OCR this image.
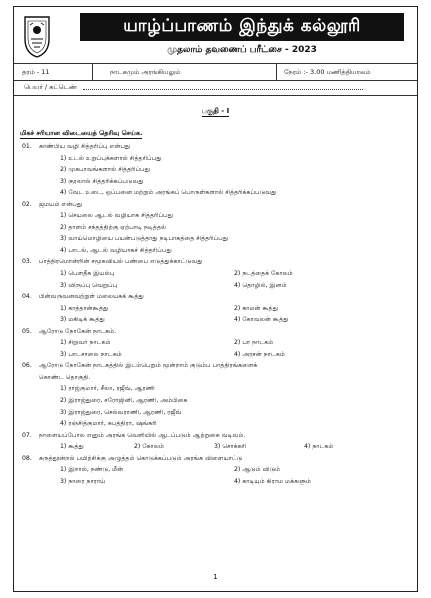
யாழ்ப்பாணம் இந்துக் கல்லூரி
முதலாம் தவணைப் பரீட்சை - 2023
தரம் - 11	நாடகமும் அரங்கியலும்	நேரம் :- 3.00 மணித்தியாலம்
பெயர் / சுட்டெண்
பகுதி - I
மிகச் சரியான விடையைத் தெரிவு செய்க.
01. காண்பிய வழி சித்தரிப்பு என்பது
1) உடல் உறுப்புக்களால் சித்தரிப்பது
2) முகபாவங்களால் சித்தரிப்பது
3) குரலால் சித்தரிக்கப்படுவது
4) வேட உடை, ஒப்பனை மற்றும் அரங்கப் பொருள்களால் சித்தரிக்கப்படுவது
02. ஜமயம் என்பது
1) செயலை ஆடல் வழியாக சித்தரிப்பது
2) தாளம் சந்தத்திற்கு ஏற்பாடி நடித்தல்
3) வாய்மொழியை பயன்படுத்தாது நடிபாகத்தை சித்தரிப்பது
4) பாடல், ஆடல் வழியாகச் சித்தரிப்பது
03. பாத்திரமொன்றின் சமூகவியல் பண்பை எடுத்துக்காட்டுவது
1) பௌதீக இயல்பு	2) நடத்தைக் கோலம்
3) விருப்பு வெறுப்பு	4) தொழில், இனம்
04. பின்வருவனவற்றுள் மலையகக் கூத்து
1) காத்தான்கூத்து	2) காமன் கூத்து
3) மகிடிக் கூத்து	4) கோவலன் கூத்து
05. ஆரோடு நோகேன் நாடகம்.
1) சிறுவர் நாடகம்	2) பா நாடகம்
3) பாடசாலை நாடகம்	4) அரசன் நாடகம்
06. ஆரோடு நோகேன் நாடகத்தில் இடம்பெறும் மூன்றாம் குடும்ப பாத்திரங்களைக்
கொண்ட தொகுதி.
1) ராஜ்குமார், சீலா, ரஜீவ், ஆரணி
2) இராஜ்துரை, சரோஜினி, ஆரணி, அம்பிகை
3) இராஜ்துரை, செல்வராணி, ஆரணி, ரஜீவ்
4) ரஞ்சித்குமார், சுபத்திரா, ஷங்கரி
07. நாளையப்போல எனும் அரங்க வெளியில் ஆடப்படும் ஆற்றுகை வடிவம்.
1) கூத்து	2) கோலம்	3) சொக்கரி	4) நாடகம்
08. கருத்தூன்றல் பயிற்சிக்கு அழுத்தம் கொடுக்கப்படும் அரங்க விளையாட்டு
1) இறால், நண்டு, மீன்	2) ஆடும் விடும்
3) நாரை நாராய்	4) காடியும் கிராம மக்களும்
1
